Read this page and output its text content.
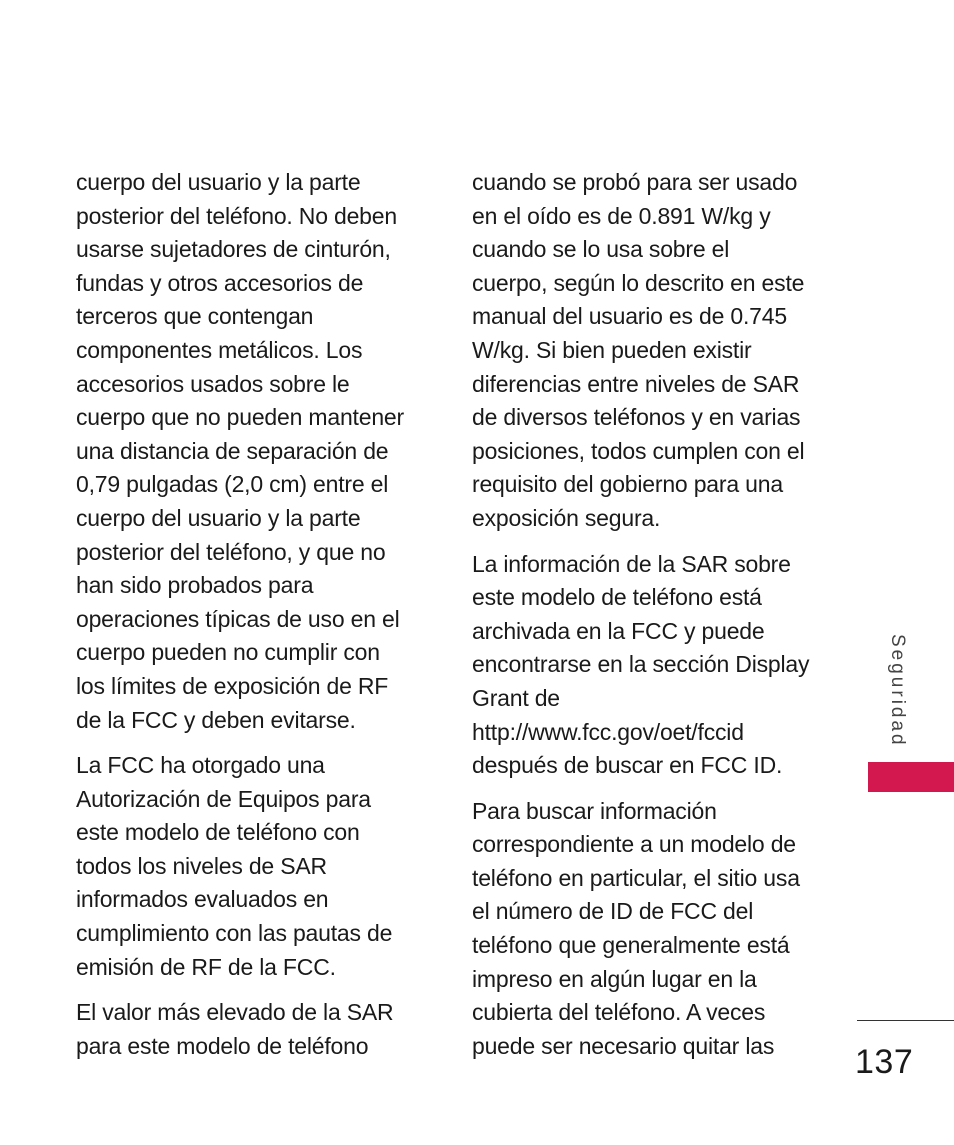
cuerpo del usuario y la parte
posterior del teléfono. No deben
usarse sujetadores de cinturón,
fundas y otros accesorios de
terceros que contengan
componentes metálicos. Los
accesorios usados sobre le
cuerpo que no pueden mantener
una distancia de separación de
0,79 pulgadas (2,0 cm) entre el
cuerpo del usuario y la parte
posterior del teléfono, y que no
han sido probados para
operaciones típicas de uso en el
cuerpo pueden no cumplir con
los límites de exposición de RF
de la FCC y deben evitarse.

La FCC ha otorgado una
Autorización de Equipos para
este modelo de teléfono con
todos los niveles de SAR
informados evaluados en
cumplimiento con las pautas de
emisión de RF de la FCC.

El valor más elevado de la SAR
para este modelo de teléfono

cuando se probó para ser usado
en el oído es de 0.891 W/kg y
cuando se lo usa sobre el
cuerpo, según lo descrito en este
manual del usuario es de 0.745
W/kg. Si bien pueden existir
diferencias entre niveles de SAR
de diversos teléfonos y en varias
posiciones, todos cumplen con el
requisito del gobierno para una
exposición segura.

La información de la SAR sobre
este modelo de teléfono está
archivada en la FCC y puede
encontrarse en la sección Display
Grant de
http://www.fcc.gov/oet/fccid
después de buscar en FCC ID.

Para buscar información
correspondiente a un modelo de
teléfono en particular, el sitio usa
el número de ID de FCC del
teléfono que generalmente está
impreso en algún lugar en la
cubierta del teléfono. A veces
puede ser necesario quitar las

Seguridad
137
